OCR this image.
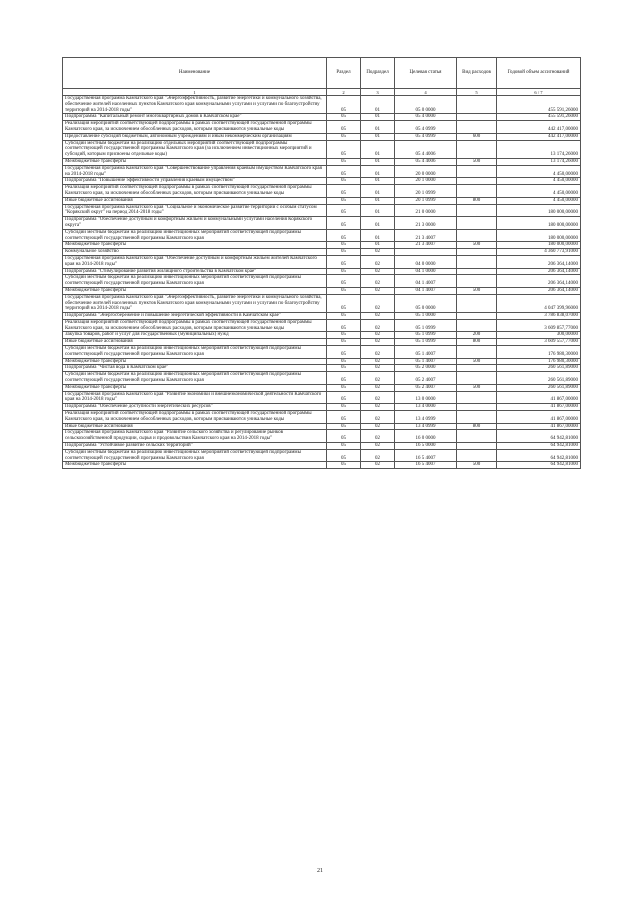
Наименование	Раздел	Подраздел	Целевая статья	Вид расходов	Годовой объем ассигнований
1	2	3	4	5	6 / 7
Государственная программа Камчатского края "Энергоэффективность, развитие энергетики и коммунального хозяйства, обеспечение жителей населенных пунктов Камчатского края коммунальными услугами и услугами по благоустройству территорий на 2014-2018 годы"	05	01	05 0 0000		455 591,26000
Подпрограмма "Капитальный ремонт многоквартирных домов в Камчатском крае"	05	01	05 4 0000		455 591,26000
Реализация мероприятий соответствующей подпрограммы в рамках соответствующей государственной программы Камчатского края, за исключением обособленных расходов, которым присваиваются уникальные коды	05	01	05 4 0999		442 417,00000
Предоставление субсидий бюджетным, автономным учреждениям и иным некоммерческим организациям	05	01	05 4 0999	600	442 417,00000
Субсидии местным бюджетам на реализацию отдельных мероприятий соответствующей подпрограммы соответствующей государственной программы Камчатского края (за исключением инвестиционных мероприятий и субсидий, которым присвоены отдельные коды)	05	01	05 4 4006		13 174,26000
Межбюджетные трансферты	05	01	05 4 4006	500	13 174,26000
Государственная программа Камчатского края "Совершенствование управления краевым имуществом Камчатского края на 2014-2018 годы"	05	01	20 0 0000		4 450,00000
Подпрограмма "Повышение эффективности управления краевым имуществом"	05	01	20 1 0000		4 450,00000
Реализация мероприятий соответствующей подпрограммы в рамках соответствующей государственной программы Камчатского края, за исключением обособленных расходов, которым присваиваются уникальные коды	05	01	20 1 0999		4 450,00000
Иные бюджетные ассигнования	05	01	20 1 0999	800	4 450,00000
Государственная программа Камчатского края "Социальное и экономическое развитие территории с особым статусом "Корякский округ" на период 2014-2018 годы"	05	01	21 0 0000		180 000,00000
Подпрограмма "Обеспечение доступным и комфортным жильем и коммунальными услугами населения Корякского округа"	05	01	21 3 0000		180 000,00000
Субсидии местным бюджетам на реализацию инвестиционных мероприятий соответствующей подпрограммы соответствующей государственной программы Камчатского края	05	01	21 3 4007		180 000,00000
Межбюджетные трансферты	05	01	21 3 4007	500	180 000,00000
Коммунальное хозяйство	05	02			4 360 773,91000
Государственная программа Камчатского края "Обеспечение доступным и комфортным жильем жителей Камчатского края на 2014-2018 годы"	05	02	04 0 0000		206 364,14000
Подпрограмма "Стимулирование развития жилищного строительства в Камчатском крае"	05	02	04 1 0000		206 364,14000
Субсидии местным бюджетам на реализацию инвестиционных мероприятий соответствующей подпрограммы соответствующей государственной программы Камчатского края	05	02	04 1 4007		206 364,14000
Межбюджетные трансферты	05	02	04 1 4007	500	206 364,14000
Государственная программа Камчатского края "Энергоэффективность, развитие энергетики и коммунального хозяйства, обеспечение жителей населенных пунктов Камчатского края коммунальными услугами и услугами по благоустройству территорий на 2014-2018 годы"	05	02	05 0 0000		4 047 399,96000
Подпрограмма "Энергосбережение и повышение энергетической эффективности в Камчатском крае"	05	02	05 1 0000		3 786 838,07000
Реализация мероприятий соответствующей подпрограммы в рамках соответствующей государственной программы Камчатского края, за исключением обособленных расходов, которым присваиваются уникальные коды	05	02	05 1 0999		3 609 857,77000
Закупка товаров, работ и услуг для государственных (муниципальных) нужд	05	02	05 1 0999	200	300,00000
Иные бюджетные ассигнования	05	02	05 1 0999	800	3 609 557,77000
Субсидии местным бюджетам на реализацию инвестиционных мероприятий соответствующей подпрограммы соответствующей государственной программы Камчатского края	05	02	05 1 4007		176 980,30000
Межбюджетные трансферты	05	02	05 1 4007	500	176 980,30000
Подпрограмма "Чистая вода в Камчатском крае"	05	02	05 2 0000		260 561,89000
Субсидии местным бюджетам на реализацию инвестиционных мероприятий соответствующей подпрограммы соответствующей государственной программы Камчатского края	05	02	05 2 4007		260 561,89000
Межбюджетные трансферты	05	02	05 2 4007	500	260 561,89000
Государственная программа Камчатского края "Развитие экономики и внешнеэкономической деятельности Камчатского края на 2014-2018 годы"	05	02	13 0 0000		41 867,00000
Подпрограмма "Обеспечение доступности энергетических ресурсов"	05	02	13 4 0000		41 867,00000
Реализация мероприятий соответствующей подпрограммы в рамках соответствующей государственной программы Камчатского края, за исключением обособленных расходов, которым присваиваются уникальные коды	05	02	13 4 0999		41 867,00000
Иные бюджетные ассигнования	05	02	13 4 0999	800	41 867,00000
Государственная программа Камчатского края "Развитие сельского хозяйства и регулирование рынков сельскохозяйственной продукции, сырья и продовольствия Камчатского края на 2014-2018 годы"	05	02	16 0 0000		64 942,81000
Подпрограмма "Устойчивое развитие сельских территорий"	05	02	16 5 0000		64 942,81000
Субсидии местным бюджетам на реализацию инвестиционных мероприятий соответствующей подпрограммы соответствующей государственной программы Камчатского края	05	02	16 5 4007		64 942,81000
Межбюджетные трансферты	05	02	16 5 4007	500	64 942,81000
21
